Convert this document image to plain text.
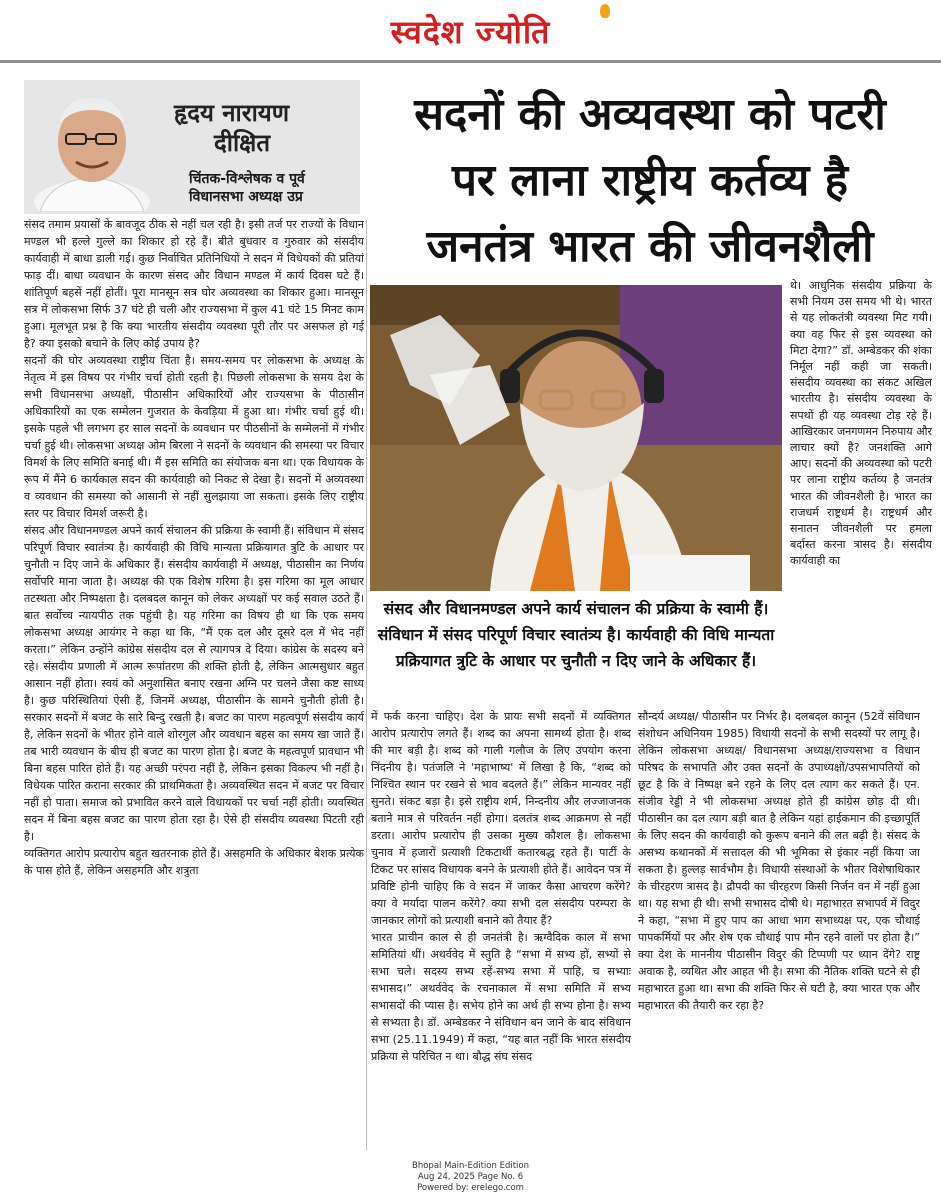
स्वदेश ज्योति
हृदय नारायण
दीक्षित
चिंतक-विश्लेषक व पूर्व
विधानसभा अध्यक्ष उप्र
सदनों की अव्यवस्था को पटरी
पर लाना राष्ट्रीय कर्तव्य है
जनतंत्र भारत की जीवनशैली
संसद और विधानमण्डल अपने कार्य संचालन की प्रक्रिया के स्वामी हैं। संविधान में संसद परिपूर्ण विचार स्वातंत्र्य है। कार्यवाही की विधि मान्यता प्रक्रियागत त्रुटि के आधार पर चुनौती न दिए जाने के अधिकार हैं।

संसद तमाम प्रयासों के बावजूद ठीक से नहीं चल रही है। इसी तर्ज पर राज्यों के विधान मण्डल भी हल्ले गुल्ले का शिकार हो रहे हैं। बीते बुधवार व गुरुवार को संसदीय कार्यवाही में बाधा डाली गई। कुछ निर्वाचित प्रतिनिधियों ने सदन में विधेयकों की प्रतियां फाड़ दीं। बाधा व्यवधान के कारण संसद और विधान मण्डल में कार्य दिवस घटे हैं। शांतिपूर्ण बहसें नहीं होतीं। पूरा मानसून सत्र घोर अव्यवस्था का शिकार हुआ। मानसून सत्र में लोकसभा सिर्फ 37 घंटे ही चली और राज्यसभा में कुल 41 घंटे 15 मिनट काम हुआ। मूलभूत प्रश्न है कि क्या भारतीय संसदीय व्यवस्था पूरी तौर पर असफल हो गई है? क्या इसको बचाने के लिए कोई उपाय है?

सदनों की घोर अव्यवस्था राष्ट्रीय चिंता है। समय-समय पर लोकसभा के अध्यक्ष के नेतृत्व में इस विषय पर गंभीर चर्चा होती रहती है। पिछली लोकसभा के समय देश के सभी विधानसभा अध्यक्षों, पीठासीन अधिकारियों और राज्यसभा के पीठासीन अधिकारियों का एक सम्मेलन गुजरात के केवड़िया में हुआ था। गंभीर चर्चा हुई थी। इसके पहले भी लगभग हर साल सदनों के व्यवधान पर पीठसीनों के सम्मेलनों में गंभीर चर्चा हुई थी। लोकसभा अध्यक्ष ओम बिरला ने सदनों के व्यवधान की समस्या पर विचार विमर्श के लिए समिति बनाई थी। मैं इस समिति का संयोजक बना था। एक विधायक के रूप में मैंने 6 कार्यकाल सदन की कार्यवाही को निकट से देखा है। सदनों में अव्यवस्था व व्यवधान की समस्या को आसानी से नहीं सुलझाया जा सकता। इसके लिए राष्ट्रीय स्तर पर विचार विमर्श जरूरी है।

संसद और विधानमण्डल अपने कार्य संचालन की प्रक्रिया के स्वामी हैं। संविधान में संसद परिपूर्ण विचार स्वातंत्र्य है। कार्यवाही की विधि मान्यता प्रक्रियागत त्रुटि के आधार पर चुनौती न दिए जाने के अधिकार हैं। संसदीय कार्यवाही में अध्यक्ष, पीठासीन का निर्णय सर्वोपरि माना जाता है। अध्यक्ष की एक विशेष गरिमा है। इस गरिमा का मूल आधार तटस्थता और निष्पक्षता है। दलबदल कानून को लेकर अध्यक्षों पर कई सवाल उठते हैं। बात सर्वोच्च न्यायपीठ तक पहुंची है। यह गरिमा का विषय ही था कि एक समय लोकसभा अध्यक्ष आयंगर ने कहा था कि, “मैं एक दल और दूसरे दल में भेद नहीं करता।” लेकिन उन्होंने कांग्रेस संसदीय दल से त्यागपत्र दे दिया। कांग्रेस के सदस्य बने रहे। संसदीय प्रणाली में आत्म रूपांतरण की शक्ति होती है, लेकिन आत्मसुधार बहुत आसान नहीं होता। स्वयं को अनुशासित बनाए रखना अग्नि पर चलने जैसा कष्ट साध्य है। कुछ परिस्थितियां ऐसी हैं, जिनमें अध्यक्ष, पीठासीन के सामने चुनौती होती है। सरकार सदनों में बजट के सारे बिन्दु रखती है। बजट का पारण महत्वपूर्ण संसदीय कार्य है, लेकिन सदनों के भीतर होने वाले शोरगुल और व्यवधान बहस का समय खा जाते हैं। तब भारी व्यवधान के बीच ही बजट का पारण होता है। बजट के महत्वपूर्ण प्रावधान भी बिना बहस पारित होते हैं। यह अच्छी परंपरा नहीं है, लेकिन इसका विकल्प भी नहीं है। विधेयक पारित कराना सरकार की प्राथमिकता है। अव्यवस्थित सदन में बजट पर विचार नहीं हो पाता। समाज को प्रभावित करने वाले विधायकों पर चर्चा नहीं होती। व्यवस्थित सदन में बिना बहस बजट का पारण होता रहा है। ऐसे ही संसदीय व्यवस्था पिटती रही है।

व्यक्तिगत आरोप प्रत्यारोप बहुत खतरनाक होते हैं। असहमति के अधिकार बेशक प्रत्येक के पास होते हैं, लेकिन असहमति और शत्रुता

थे। आधुनिक संसदीय प्रक्रिया के सभी नियम उस समय भी थे। भारत से यह लोकतंत्री व्यवस्था मिट गयी। क्या वह फिर से इस व्यवस्था को मिटा देगा?” डॉ. अम्बेडकर की शंका निर्मूल नहीं कही जा सकती। संसदीय व्यवस्था का संकट अखिल भारतीय है। संसदीय व्यवस्था के सपथों ही यह व्यवस्था टोड़ रहे हैं। आखिरकार जनगणमन निरुपाय और लाचार क्यों है? जनशक्ति आगे आए। सदनों की अव्यवस्था को पटरी पर लाना राष्ट्रीय कर्तव्य है जनतंत्र भारत की जीवनशैली है। भारत का राजधर्म राष्ट्रधर्म है। राष्ट्रधर्म और सनातन जीवनशैली पर हमला बर्दास्त करना त्रासद है। संसदीय कार्यवाही का

में फर्क करना चाहिए। देश के प्रायः सभी सदनों में व्यक्तिगत आरोप प्रत्यारोप लगते हैं। शब्द का अपना सामर्थ्य होता है। शब्द की मार बड़ी है। शब्द को गाली गलौज के लिए उपयोग करना निंदनीय है। पतंजलि ने 'महाभाष्य' में लिखा है कि, “शब्द को निश्चित स्थान पर रखने से भाव बदलते हैं।” लेकिन मान्यवर नहीं सुनते। संकट बड़ा है। इसे राष्ट्रीय शर्म, निन्दनीय और लज्जाजनक बताने मात्र से परिवर्तन नहीं होगा। दलतंत्र शब्द आक्रमण से नहीं डरता। आरोप प्रत्यारोप ही उसका मुख्य कौशल है। लोकसभा चुनाव में हजारों प्रत्याशी टिकटार्थी कतारबद्ध रहते हैं। पार्टी के टिकट पर सांसद विधायक बनने के प्रत्याशी होते हैं। आवेदन पत्र में प्रविष्टि होनी चाहिए कि वे सदन में जाकर कैसा आचरण करेंगे? क्या वे मर्यादा पालन करेंगे? क्या सभी दल संसदीय परम्परा के जानकार लोगों को प्रत्याशी बनाने को तैयार हैं?

भारत प्राचीन काल से ही जनतंत्री है। ऋग्वैदिक काल में सभा समितियां थीं। अथर्ववेद में स्तुति है “सभा में सभ्य हों, सभ्यों से सभा चले। सदस्य सभ्य रहें-सभ्य सभा में पाहि, च सभ्याः सभासद।” अथर्ववेद के रचनाकाल में सभा समिति में सभ्य सभासदों की प्यास है। सभेय होने का अर्थ ही सभ्य होना है। सभ्य से सभ्यता है। डॉ. अम्बेडकर ने संविधान बन जाने के बाद संविधान सभा (25.11.1949) में कहा, “यह बात नहीं कि भारत संसदीय प्रक्रिया से परिचित न था। बौद्ध संघ संसद

सौन्दर्य अध्यक्ष/ पीठासीन पर निर्भर है। दलबदल कानून (52वें संविधान संशोधन अधिनियम 1985) विधायी सदनों के सभी सदस्यों पर लागू है। लेकिन लोकसभा अध्यक्ष/ विधानसभा अध्यक्ष/राज्यसभा व विधान परिषद के सभापति और उक्त सदनों के उपाध्यक्षों/उपसभापतियों को छूट है कि वे निष्पक्ष बने रहने के लिए दल त्याग कर सकते हैं। एन. संजीव रेड्डी ने भी लोकसभा अध्यक्ष होते ही कांग्रेस छोड़ दी थी। पीठासीन का दल त्याग बड़ी बात है लेकिन यहां हाईकमान की इच्छापूर्ति के लिए सदन की कार्यवाही को कुरूप बनाने की लत बढ़ी है। संसद के असभ्य कथानकों में सत्तादल की भी भूमिका से इंकार नहीं किया जा सकता है। हुल्लड़ सार्वभौम है। विधायी संस्थाओं के भीतर विशेषाधिकार के चीरहरण त्रासद है। द्रौपदी का चीरहरण किसी निर्जन वन में नहीं हुआ था। यह सभा ही थी। सभी सभासद दोषी थे। महाभारत सभापर्व में विदुर ने कहा, “सभा में हुए पाप का आधा भाग सभाध्यक्ष पर, एक चौथाई पापकर्मियों पर और शेष एक चौथाई पाप मौन रहने वालों पर होता है।” क्या देश के माननीय पीठासीन विदुर की टिप्पणी पर ध्यान देंगे? राष्ट्र अवाक है, व्यथित और आहत भी है। सभा की नैतिक शक्ति घटने से ही महाभारत हुआ था। सभा की शक्ति फिर से घटी है, क्या भारत एक और महाभारत की तैयारी कर रहा है?

Bhopal Main-Edition Edition
Aug 24, 2025 Page No. 6
Powered by: erelego.com
